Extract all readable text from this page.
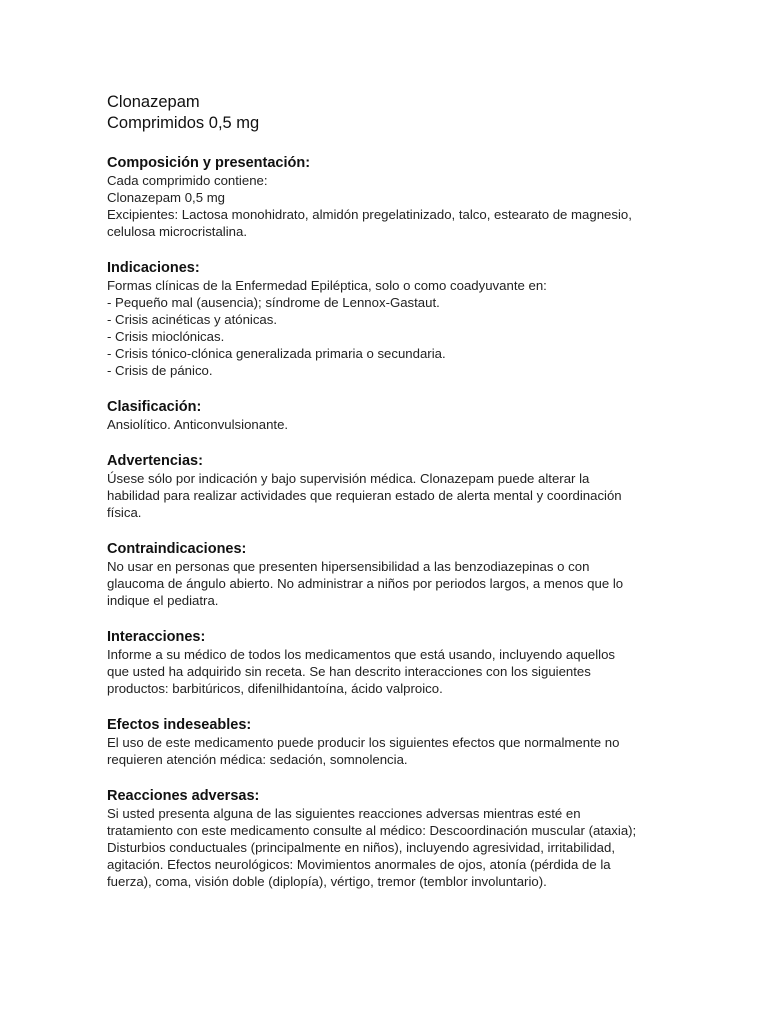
Clonazepam

Comprimidos 0,5 mg

Composición y presentación:

Cada comprimido contiene:

Clonazepam 0,5 mg

Excipientes: Lactosa monohidrato, almidón pregelatinizado, talco, estearato de magnesio,

celulosa microcristalina.

Indicaciones:

Formas clínicas de la Enfermedad Epiléptica, solo o como coadyuvante en:

- Pequeño mal (ausencia); síndrome de Lennox-Gastaut.

- Crisis acinéticas y atónicas.

- Crisis mioclónicas.

- Crisis tónico-clónica generalizada primaria o secundaria.

- Crisis de pánico.

Clasificación:

Ansiolítico. Anticonvulsionante.

Advertencias:

Úsese sólo por indicación y bajo supervisión médica. Clonazepam puede alterar la

habilidad para realizar actividades que requieran estado de alerta mental y coordinación

física.

Contraindicaciones:

No usar en personas que presenten hipersensibilidad a las benzodiazepinas o con

glaucoma de ángulo abierto. No administrar a niños por periodos largos, a menos que lo

indique el pediatra.

Interacciones:

Informe a su médico de todos los medicamentos que está usando, incluyendo aquellos

que usted ha adquirido sin receta. Se han descrito interacciones con los siguientes

productos: barbitúricos, difenilhidantoína, ácido valproico.

Efectos indeseables:

El uso de este medicamento puede producir los siguientes efectos que normalmente no

requieren atención médica: sedación, somnolencia.

Reacciones adversas:

Si usted presenta alguna de las siguientes reacciones adversas mientras esté en

tratamiento con este medicamento consulte al médico: Descoordinación muscular (ataxia);

Disturbios conductuales (principalmente en niños), incluyendo agresividad, irritabilidad,

agitación. Efectos neurológicos: Movimientos anormales de ojos, atonía (pérdida de la

fuerza), coma, visión doble (diplopía), vértigo, tremor (temblor involuntario).
